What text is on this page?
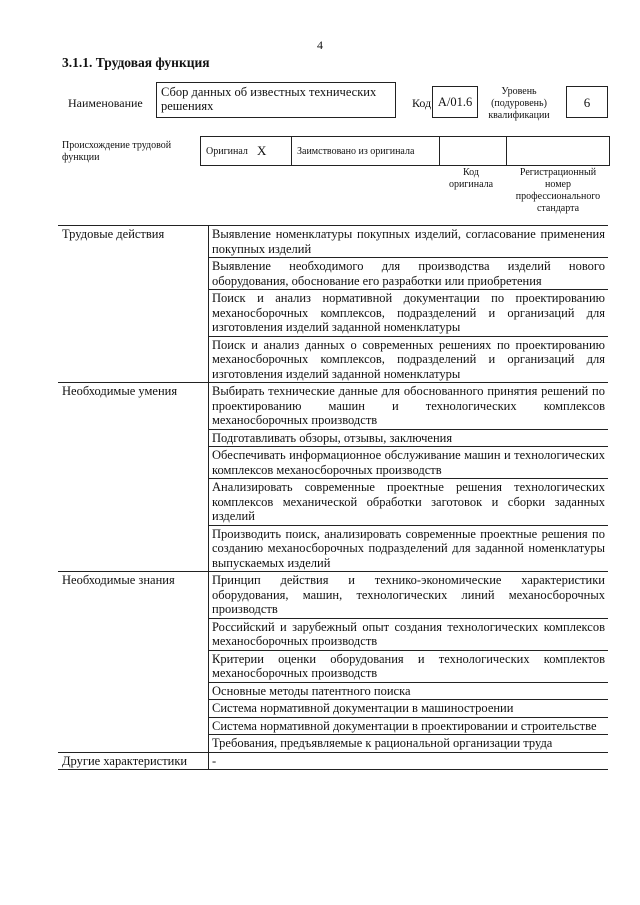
4
3.1.1. Трудовая функция
Наименование
Сбор данных об известных технических решениях	Код A/01.6
Уровень (подуровень) квалификации
6
Происхождение трудовой функции
Оригинал X	Заимствовано из оригинала
Код оригинала
Регистрационный номер профессионального стандарта
Трудовые действия	Выявление номенклатуры покупных изделий, согласование применения покупных изделий
	Выявление необходимого для производства изделий нового оборудования, обоснование его разработки или приобретения
	Поиск и анализ нормативной документации по проектированию механосборочных комплексов, подразделений и организаций для изготовления изделий заданной номенклатуры
	Поиск и анализ данных о современных решениях по проектированию механосборочных комплексов, подразделений и организаций для изготовления изделий заданной номенклатуры
Необходимые умения	Выбирать технические данные для обоснованного принятия решений по проектированию машин и технологических комплексов механосборочных производств
	Подготавливать обзоры, отзывы, заключения
	Обеспечивать информационное обслуживание машин и технологических комплексов механосборочных производств
	Анализировать современные проектные решения технологических комплексов механической обработки заготовок и сборки заданных изделий
	Производить поиск, анализировать современные проектные решения по созданию механосборочных подразделений для заданной номенклатуры выпускаемых изделий
Необходимые знания	Принцип действия и технико-экономические характеристики оборудования, машин, технологических линий механосборочных производств
	Российский и зарубежный опыт создания технологических комплексов механосборочных производств
	Критерии оценки оборудования и технологических комплектов механосборочных производств
	Основные методы патентного поиска
	Система нормативной документации в машиностроении
	Система нормативной документации в проектировании и строительстве
	Требования, предъявляемые к рациональной организации труда
Другие характеристики	-
